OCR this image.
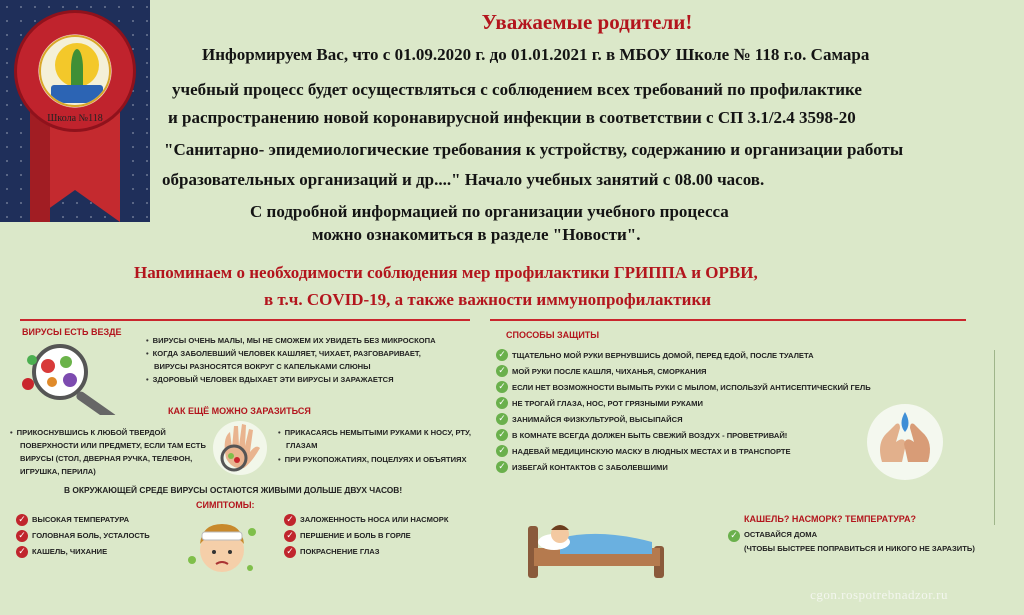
Школа №118
Уважаемые родители!
Информируем Вас, что с 01.09.2020 г. до 01.01.2021 г. в МБОУ Школе № 118 г.о. Самара
учебный процесс будет осуществляться с соблюдением всех требований по профилактике
и распространению новой коронавирусной инфекции в соответствии с СП 3.1/2.4 3598-20
"Санитарно- эпидемиологические требования к устройству, содержанию и организации работы
образовательных организаций и др...." Начало учебных занятий с 08.00 часов.
С подробной информацией по организации учебного процесса
можно ознакомиться в разделе "Новости".
Напоминаем о необходимости соблюдения мер профилактики ГРИППА и ОРВИ,
в т.ч. COVID-19, а также важности иммунопрофилактики
ВИРУСЫ ЕСТЬ ВЕЗДЕ
• ВИРУСЫ ОЧЕНЬ МАЛЫ, МЫ НЕ СМОЖЕМ ИХ УВИДЕТЬ БЕЗ МИКРОСКОПА
• КОГДА ЗАБОЛЕВШИЙ ЧЕЛОВЕК КАШЛЯЕТ, ЧИХАЕТ, РАЗГОВАРИВАЕТ,
ВИРУСЫ РАЗНОСЯТСЯ ВОКРУГ С КАПЕЛЬКАМИ СЛЮНЫ
• ЗДОРОВЫЙ ЧЕЛОВЕК ВДЫХАЕТ ЭТИ ВИРУСЫ И ЗАРАЖАЕТСЯ
КАК ЕЩЁ МОЖНО ЗАРАЗИТЬСЯ
• ПРИКОСНУВШИСЬ К ЛЮБОЙ ТВЕРДОЙ
ПОВЕРХНОСТИ ИЛИ ПРЕДМЕТУ, ЕСЛИ ТАМ ЕСТЬ
ВИРУСЫ (СТОЛ, ДВЕРНАЯ РУЧКА, ТЕЛЕФОН,
ИГРУШКА, ПЕРИЛА)
• ПРИКАСАЯСЬ НЕМЫТЫМИ РУКАМИ К НОСУ, РТУ,
ГЛАЗАМ
• ПРИ РУКОПОЖАТИЯХ, ПОЦЕЛУЯХ И ОБЪЯТИЯХ
В ОКРУЖАЮЩЕЙ СРЕДЕ ВИРУСЫ ОСТАЮТСЯ ЖИВЫМИ ДОЛЬШЕ ДВУХ ЧАСОВ!
СИМПТОМЫ:
✓ ВЫСОКАЯ ТЕМПЕРАТУРА
✓ ГОЛОВНАЯ БОЛЬ, УСТАЛОСТЬ
✓ КАШЕЛЬ, ЧИХАНИЕ
✓ ЗАЛОЖЕННОСТЬ НОСА ИЛИ НАСМОРК
✓ ПЕРШЕНИЕ И БОЛЬ В ГОРЛЕ
✓ ПОКРАСНЕНИЕ ГЛАЗ
СПОСОБЫ ЗАЩИТЫ
✓ ТЩАТЕЛЬНО МОЙ РУКИ ВЕРНУВШИСЬ ДОМОЙ, ПЕРЕД ЕДОЙ, ПОСЛЕ ТУАЛЕТА
✓ МОЙ РУКИ ПОСЛЕ КАШЛЯ, ЧИХАНЬЯ, СМОРКАНИЯ
✓ ЕСЛИ НЕТ ВОЗМОЖНОСТИ ВЫМЫТЬ РУКИ С МЫЛОМ, ИСПОЛЬЗУЙ АНТИСЕПТИЧЕСКИЙ ГЕЛЬ
✓ НЕ ТРОГАЙ ГЛАЗА, НОС, РОТ ГРЯЗНЫМИ РУКАМИ
✓ ЗАНИМАЙСЯ ФИЗКУЛЬТУРОЙ, ВЫСЫПАЙСЯ
✓ В КОМНАТЕ ВСЕГДА ДОЛЖЕН БЫТЬ СВЕЖИЙ ВОЗДУХ - ПРОВЕТРИВАЙ!
✓ НАДЕВАЙ МЕДИЦИНСКУЮ МАСКУ В ЛЮДНЫХ МЕСТАХ И В ТРАНСПОРТЕ
✓ ИЗБЕГАЙ КОНТАКТОВ С ЗАБОЛЕВШИМИ
КАШЕЛЬ? НАСМОРК? ТЕМПЕРАТУРА?
✓ ОСТАВАЙСЯ ДОМА
(ЧТОБЫ БЫСТРЕЕ ПОПРАВИТЬСЯ И НИКОГО НЕ ЗАРАЗИТЬ)
cgon.rospotrebnadzor.ru
